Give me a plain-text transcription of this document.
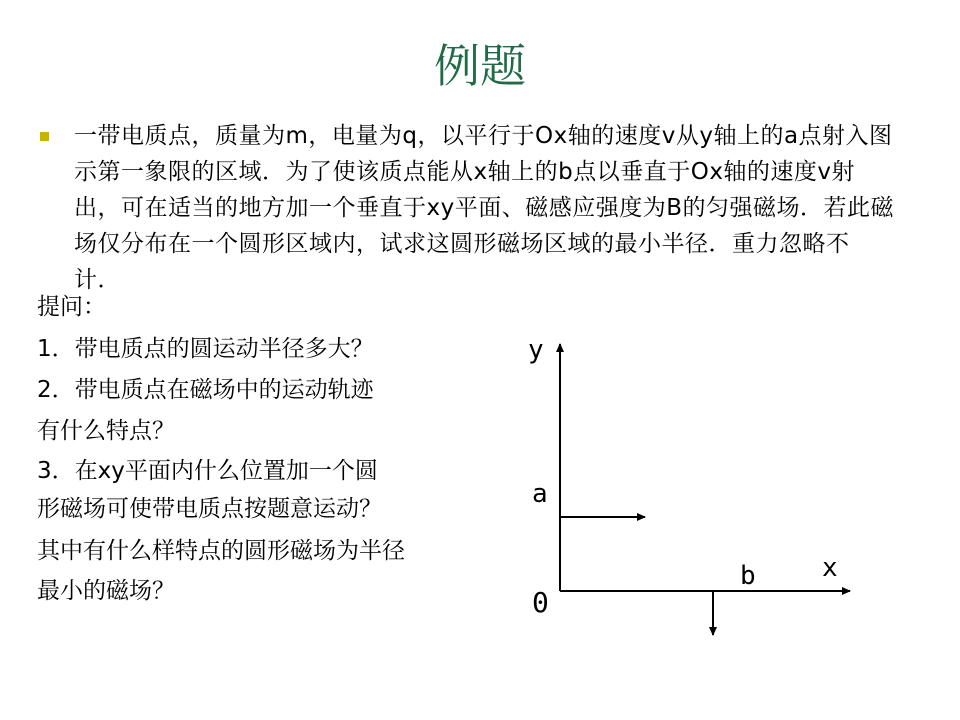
例题
一带电质点，质量为m，电量为q，以平行于Ox轴的速度v从y轴上的a点射入图示第一象限的区域．为了使该质点能从x轴上的b点以垂直于Ox轴的速度v射出，可在适当的地方加一个垂直于xy平面、磁感应强度为B的匀强磁场．若此磁场仅分布在一个圆形区域内，试求这圆形磁场区域的最小半径．重力忽略不计．
提问：
1．带电质点的圆运动半径多大？
2．带电质点在磁场中的运动轨迹
有什么特点？
3．在xy平面内什么位置加一个圆
形磁场可使带电质点按题意运动？
其中有什么样特点的圆形磁场为半径
最小的磁场？
y
x
0
a
b
